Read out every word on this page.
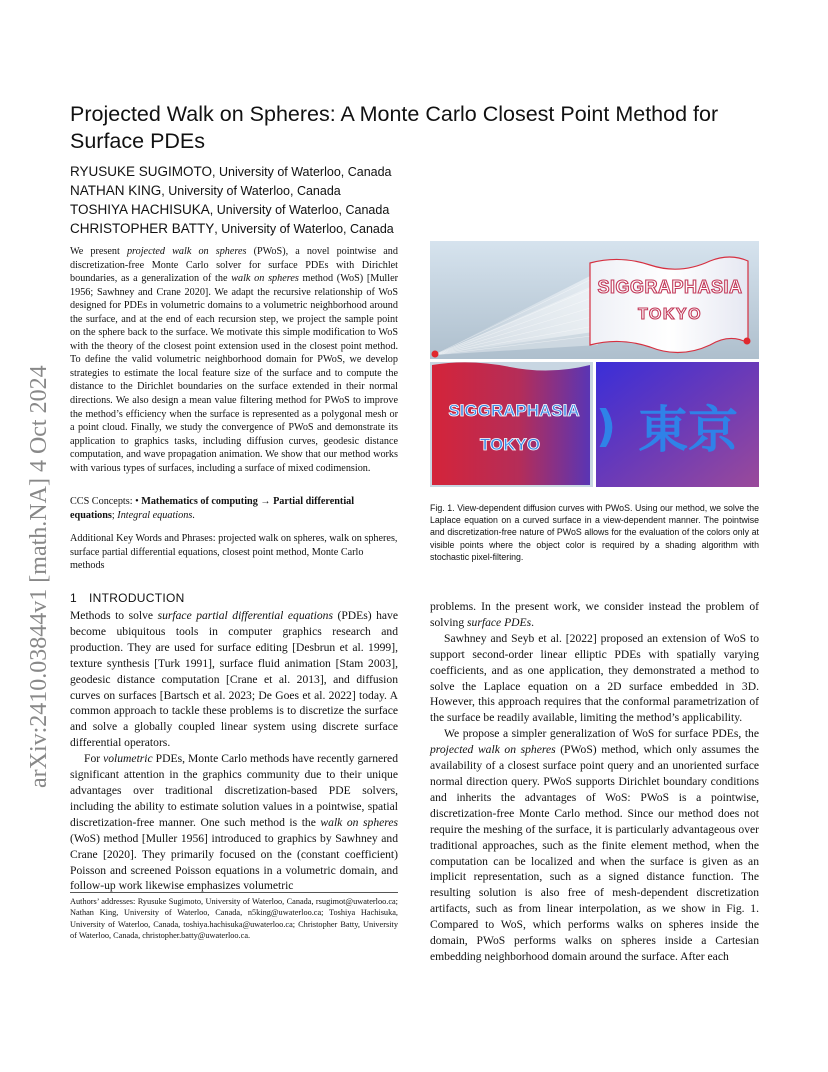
arXiv:2410.03844v1 [math.NA] 4 Oct 2024
Projected Walk on Spheres: A Monte Carlo Closest Point Method for Surface PDEs
RYUSUKE SUGIMOTO, University of Waterloo, Canada
NATHAN KING, University of Waterloo, Canada
TOSHIYA HACHISUKA, University of Waterloo, Canada
CHRISTOPHER BATTY, University of Waterloo, Canada

We present projected walk on spheres (PWoS), a novel pointwise and discretization-free Monte Carlo solver for surface PDEs with Dirichlet boundaries, as a generalization of the walk on spheres method (WoS) [Muller 1956; Sawhney and Crane 2020]. We adapt the recursive relationship of WoS designed for PDEs in volumetric domains to a volumetric neighborhood around the surface, and at the end of each recursion step, we project the sample point on the sphere back to the surface. We motivate this simple modification to WoS with the theory of the closest point extension used in the closest point method. To define the valid volumetric neighborhood domain for PWoS, we develop strategies to estimate the local feature size of the surface and to compute the distance to the Dirichlet boundaries on the surface extended in their normal directions. We also design a mean value filtering method for PWoS to improve the method’s efficiency when the surface is represented as a polygonal mesh or a point cloud. Finally, we study the convergence of PWoS and demonstrate its application to graphics tasks, including diffusion curves, geodesic distance computation, and wave propagation animation. We show that our method works with various types of surfaces, including a surface of mixed codimension.

CCS Concepts: • Mathematics of computing → Partial differential equations; Integral equations.
Additional Key Words and Phrases: projected walk on spheres, walk on spheres, surface partial differential equations, closest point method, Monte Carlo methods
1 INTRODUCTION

Methods to solve surface partial differential equations (PDEs) have become ubiquitous tools in computer graphics research and production. They are used for surface editing [Desbrun et al. 1999], texture synthesis [Turk 1991], surface fluid animation [Stam 2003], geodesic distance computation [Crane et al. 2013], and diffusion curves on surfaces [Bartsch et al. 2023; De Goes et al. 2022] today. A common approach to tackle these problems is to discretize the surface and solve a globally coupled linear system using discrete surface differential operators.

For volumetric PDEs, Monte Carlo methods have recently garnered significant attention in the graphics community due to their unique advantages over traditional discretization-based PDE solvers, including the ability to estimate solution values in a pointwise, spatial discretization-free manner. One such method is the walk on spheres (WoS) method [Muller 1956] introduced to graphics by Sawhney and Crane [2020]. They primarily focused on the (constant coefficient) Poisson and screened Poisson equations in a volumetric domain, and follow-up work likewise emphasizes volumetric

Authors’ addresses: Ryusuke Sugimoto, University of Waterloo, Canada, rsugimot@uwaterloo.ca; Nathan King, University of Waterloo, Canada, n5king@uwaterloo.ca; Toshiya Hachisuka, University of Waterloo, Canada, toshiya.hachisuka@uwaterloo.ca; Christopher Batty, University of Waterloo, Canada, christopher.batty@uwaterloo.ca.
SIGGRAPHASIA
TOKYO
SIGGRAPHASIA
TOKYO ) 東京
Fig. 1. View-dependent diffusion curves with PWoS. Using our method, we solve the Laplace equation on a curved surface in a view-dependent manner. The pointwise and discretization-free nature of PWoS allows for the evaluation of the colors only at visible points where the object color is required by a shading algorithm with stochastic pixel-filtering.

problems. In the present work, we consider instead the problem of solving surface PDEs.

Sawhney and Seyb et al. [2022] proposed an extension of WoS to support second-order linear elliptic PDEs with spatially varying coefficients, and as one application, they demonstrated a method to solve the Laplace equation on a 2D surface embedded in 3D. However, this approach requires that the conformal parametrization of the surface be readily available, limiting the method’s applicability.

We propose a simpler generalization of WoS for surface PDEs, the projected walk on spheres (PWoS) method, which only assumes the availability of a closest surface point query and an unoriented surface normal direction query. PWoS supports Dirichlet boundary conditions and inherits the advantages of WoS: PWoS is a pointwise, discretization-free Monte Carlo method. Since our method does not require the meshing of the surface, it is particularly advantageous over traditional approaches, such as the finite element method, when the computation can be localized and when the surface is given as an implicit representation, such as a signed distance function. The resulting solution is also free of mesh-dependent discretization artifacts, such as from linear interpolation, as we show in Fig. 1. Compared to WoS, which performs walks on spheres inside the domain, PWoS performs walks on spheres inside a Cartesian embedding neighborhood domain around the surface. After each
